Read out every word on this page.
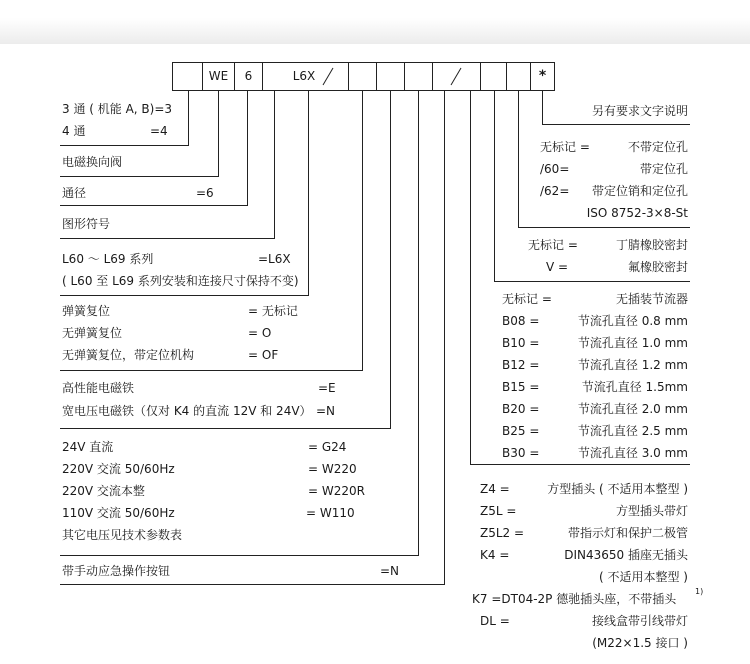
WE	6	L6X	*
3 通 ( 机能 A, B)=3
4 通	=4
电磁换向阀
通径	=6
图形符号
L60 ～ L69 系列	=L6X
( L60 至 L69 系列安装和连接尺寸保持不变)
弹簧复位	= 无标记
无弹簧复位	= O
无弹簧复位，带定位机构	= OF
高性能电磁铁	=E
宽电压电磁铁（仅对 K4 的直流 12V 和 24V） =N
24V 直流	= G24
220V 交流 50/60Hz	= W220
220V 交流本整	= W220R
110V 交流 50/60Hz	= W110
其它电压见技术参数表
带手动应急操作按钮	=N
另有要求文字说明
无标记 =	不带定位孔
/60=	带定位孔
/62= 带定位销和定位孔
ISO 8752-3×8-St
无标记 =	丁腈橡胶密封
V =	氟橡胶密封
无标记 =	无插装节流器
B08 =	节流孔直径 0.8 mm
B10 =	节流孔直径 1.0 mm
B12 =	节流孔直径 1.2 mm
B15 =	节流孔直径 1.5mm
B20 =	节流孔直径 2.0 mm
B25 =	节流孔直径 2.5 mm
B30 =	节流孔直径 3.0 mm
Z4 =	方型插头 ( 不适用本整型 )
Z5L =	方型插头带灯
Z5L2 =	带指示灯和保护二极管
K4 =	DIN43650 插座无插头
( 不适用本整型 )
K7 =DT04-2P 德驰插头座，不带插头
1)
DL =	接线盒带引线带灯
(M22×1.5 接口 )
